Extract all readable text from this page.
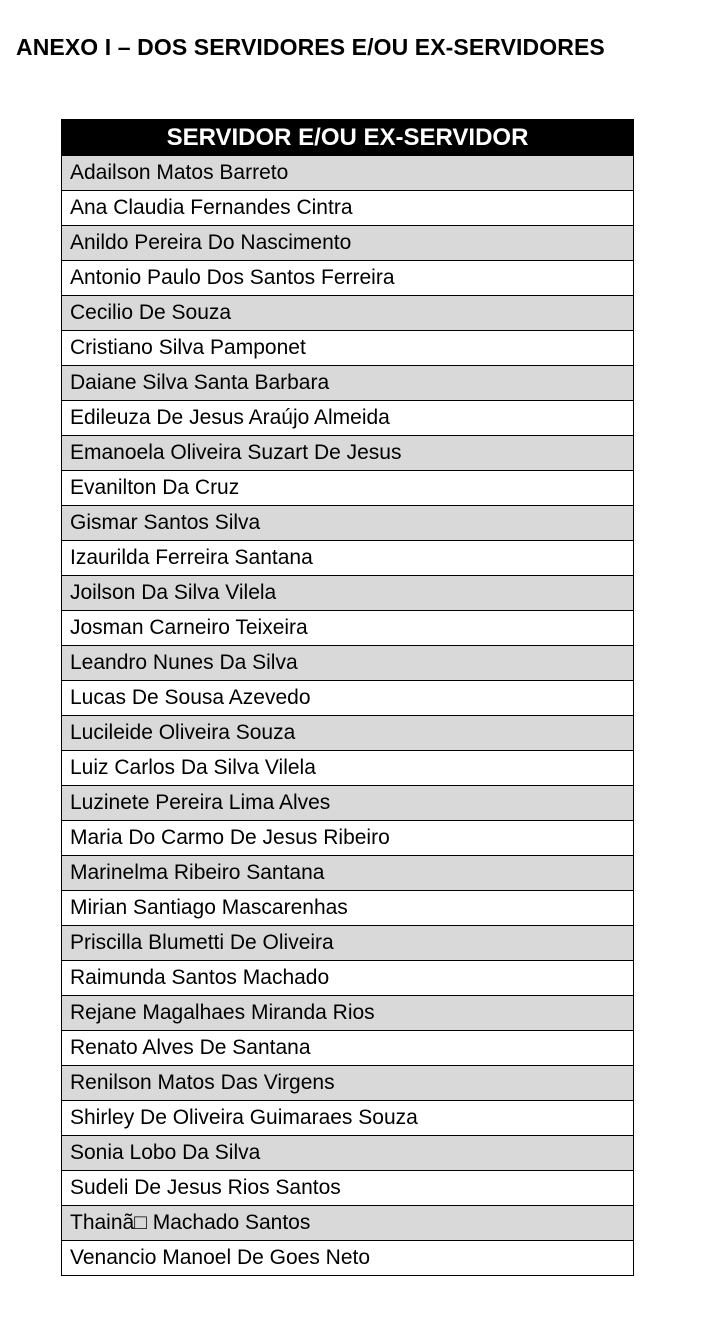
ANEXO I – DOS SERVIDORES E/OU EX-SERVIDORES
SERVIDOR E/OU EX-SERVIDOR
Adailson Matos Barreto
Ana Claudia Fernandes Cintra
Anildo Pereira Do Nascimento
Antonio Paulo Dos Santos Ferreira
Cecilio De Souza
Cristiano Silva Pamponet
Daiane Silva Santa Barbara
Edileuza De Jesus Araújo Almeida
Emanoela Oliveira Suzart De Jesus
Evanilton Da Cruz
Gismar Santos Silva
Izaurilda Ferreira Santana
Joilson Da Silva Vilela
Josman Carneiro Teixeira
Leandro Nunes Da Silva
Lucas De Sousa Azevedo
Lucileide Oliveira Souza
Luiz Carlos Da Silva Vilela
Luzinete Pereira Lima Alves
Maria Do Carmo De Jesus Ribeiro
Marinelma Ribeiro Santana
Mirian Santiago Mascarenhas
Priscilla Blumetti De Oliveira
Raimunda Santos Machado
Rejane Magalhaes Miranda Rios
Renato Alves De Santana
Renilson Matos Das Virgens
Shirley De Oliveira Guimaraes Souza
Sonia Lobo Da Silva
Sudeli De Jesus Rios Santos
Thainã□ Machado Santos
Venancio Manoel De Goes Neto
